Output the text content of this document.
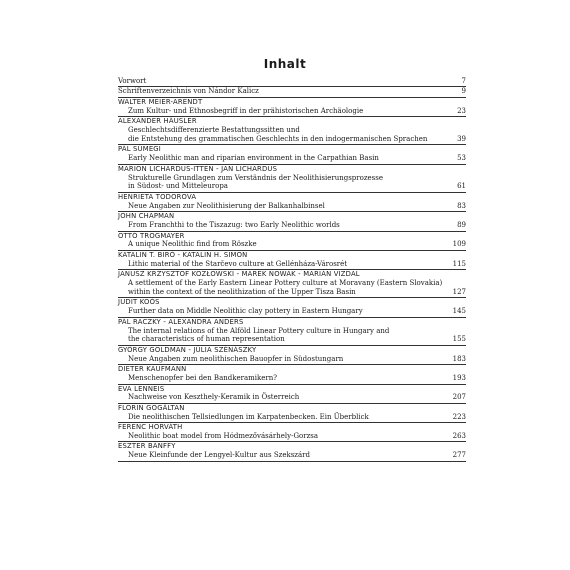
Inhalt
Vorwort	7
Schriftenverzeichnis von Nándor Kalicz	9
WALTER MEIER-ARENDT
Zum Kultur- und Ethnosbegriff in der prähistorischen Archäologie	23
ALEXANDER HÄUSLER
Geschlechtsdifferenzierte Bestattungssitten und
die Entstehung des grammatischen Geschlechts in den indogermanischen Sprachen	39
PÁL SÜMEGI
Early Neolithic man and riparian environment in the Carpathian Basin	53
MARION LICHARDUS-ITTEN - JAN LICHARDUS
Strukturelle Grundlagen zum Verständnis der Neolithisierungsprozesse
in Südost- und Mitteleuropa	61
HENRIETA TODOROVA
Neue Angaben zur Neolithisierung der Balkanhalbinsel	83
JOHN CHAPMAN
From Franchthi to the Tiszazug: two Early Neolithic worlds	89
OTTÓ TROGMAYER
A unique Neolithic find from Röszke	109
KATALIN T. BIRÓ - KATALIN H. SIMON
Lithic material of the Starčevo culture at Gellénháza-Városrét	115
JANUSZ KRZYSZTOF KOZŁOWSKI - MAREK NOWAK - MARIÁN VIZDAL
A settlement of the Early Eastern Linear Pottery culture at Moravany (Eastern Slovakia)
within the context of the neolithization of the Upper Tisza Basin	127
JUDIT KOÓS
Further data on Middle Neolithic clay pottery in Eastern Hungary	145
PÁL RACZKY - ALEXANDRA ANDERS
The internal relations of the Alföld Linear Pottery culture in Hungary and
the characteristics of human representation	155
GYÖRGY GOLDMAN - JÚLIA SZÉNÁSZKY
Neue Angaben zum neolithischen Bauopfer in Südostungarn	183
DIETER KAUFMANN
Menschenopfer bei den Bandkeramikern?	193
EVA LENNEIS
Nachweise von Keszthely-Keramik in Österreich	207
FLORIN GOGÂLTAN
Die neolithischen Tellsiedlungen im Karpatenbecken. Ein Überblick	223
FERENC HORVÁTH
Neolithic boat model from Hódmezővásárhely-Gorzsa	263
ESZTER BÁNFFY
Neue Kleinfunde der Lengyel-Kultur aus Szekszárd	277
